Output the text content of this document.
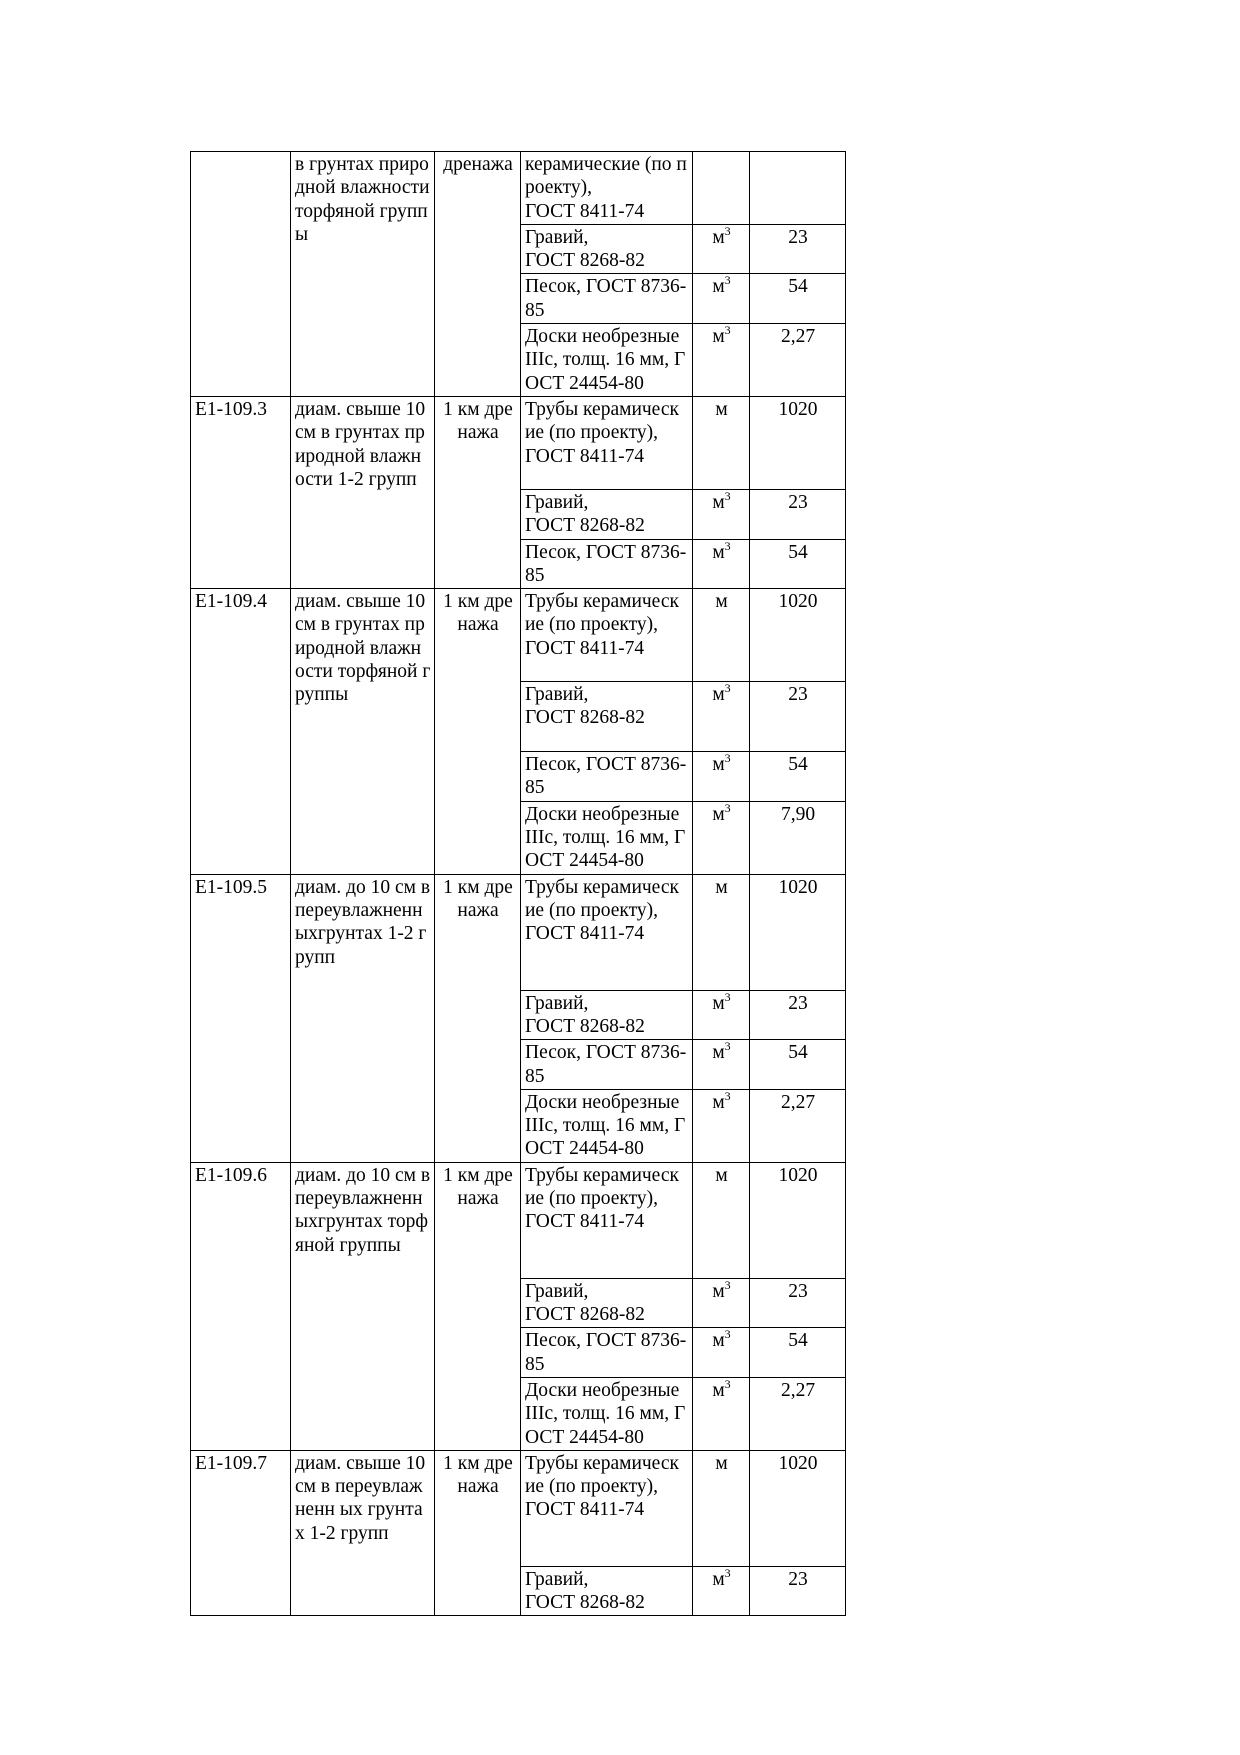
	в грунтах природной влажности торфяной группы	дренажа	керамические (по проекту),
ГОСТ 8411-74		
			Гравий,
ГОСТ 8268-82	$м^3$	23
			Песок, ГОСТ 8736-85	$м^3$	54
			Доски необрезные IIIс, толщ. 16 мм, ГОСТ 24454-80	$м^3$	2,27
Е1-109.3	диам. свыше 10 см в грунтах природной влажности 1-2 групп	1 км дренажа	Трубы керамические (по проекту),
ГОСТ 8411-74	м	1020
			Гравий,
ГОСТ 8268-82	$м^3$	23
			Песок, ГОСТ 8736-85	$м^3$	54
Е1-109.4	диам. свыше 10 см в грунтах природной влажности торфяной группы	1 км дренажа	Трубы керамические (по проекту),
ГОСТ 8411-74	м	1020
			Гравий,
ГОСТ 8268-82	$м^3$	23
			Песок, ГОСТ 8736-85	$м^3$	54
			Доски необрезные IIIс, толщ. 16 мм, ГОСТ 24454-80	$м^3$	7,90
Е1-109.5	диам. до 10 см в переувлажненн ыхгрунтах 1-2 групп	1 км дренажа	Трубы керамические (по проекту),
ГОСТ 8411-74	м	1020
			Гравий,
ГОСТ 8268-82	$м^3$	23
			Песок, ГОСТ 8736-85	$м^3$	54
			Доски необрезные IIIс, толщ. 16 мм, ГОСТ 24454-80	$м^3$	2,27
Е1-109.6	диам. до 10 см в переувлажненн ыхгрунтах торфяной группы	1 км дренажа	Трубы керамические (по проекту),
ГОСТ 8411-74	м	1020
			Гравий,
ГОСТ 8268-82	$м^3$	23
			Песок, ГОСТ 8736-85	$м^3$	54
			Доски необрезные IIIс, толщ. 16 мм, ГОСТ 24454-80	$м^3$	2,27
Е1-109.7	диам. свыше 10 см в переувлажненн ых грунтах 1-2 групп	1 км дренажа	Трубы керамические (по проекту),
ГОСТ 8411-74	м	1020
			Гравий,
ГОСТ 8268-82	$м^3$	23
